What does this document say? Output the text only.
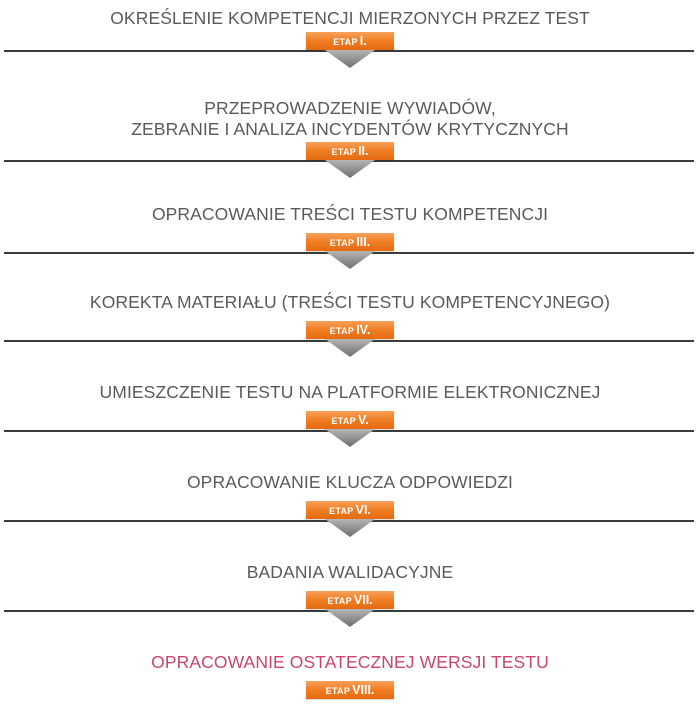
OKREŚLENIE KOMPETENCJI MIERZONYCH PRZEZ TEST
ETAP I.
PRZEPROWADZENIE WYWIADÓW,
ZEBRANIE I ANALIZA INCYDENTÓW KRYTYCZNYCH
ETAP II.
OPRACOWANIE TREŚCI TESTU KOMPETENCJI
ETAP III.
KOREKTA MATERIAŁU (TREŚCI TESTU KOMPETENCYJNEGO)
ETAP IV.
UMIESZCZENIE TESTU NA PLATFORMIE ELEKTRONICZNEJ
ETAP V.
OPRACOWANIE KLUCZA ODPOWIEDZI
ETAP VI.
BADANIA WALIDACYJNE
ETAP VII.
OPRACOWANIE OSTATECZNEJ WERSJI TESTU
ETAP VIII.
